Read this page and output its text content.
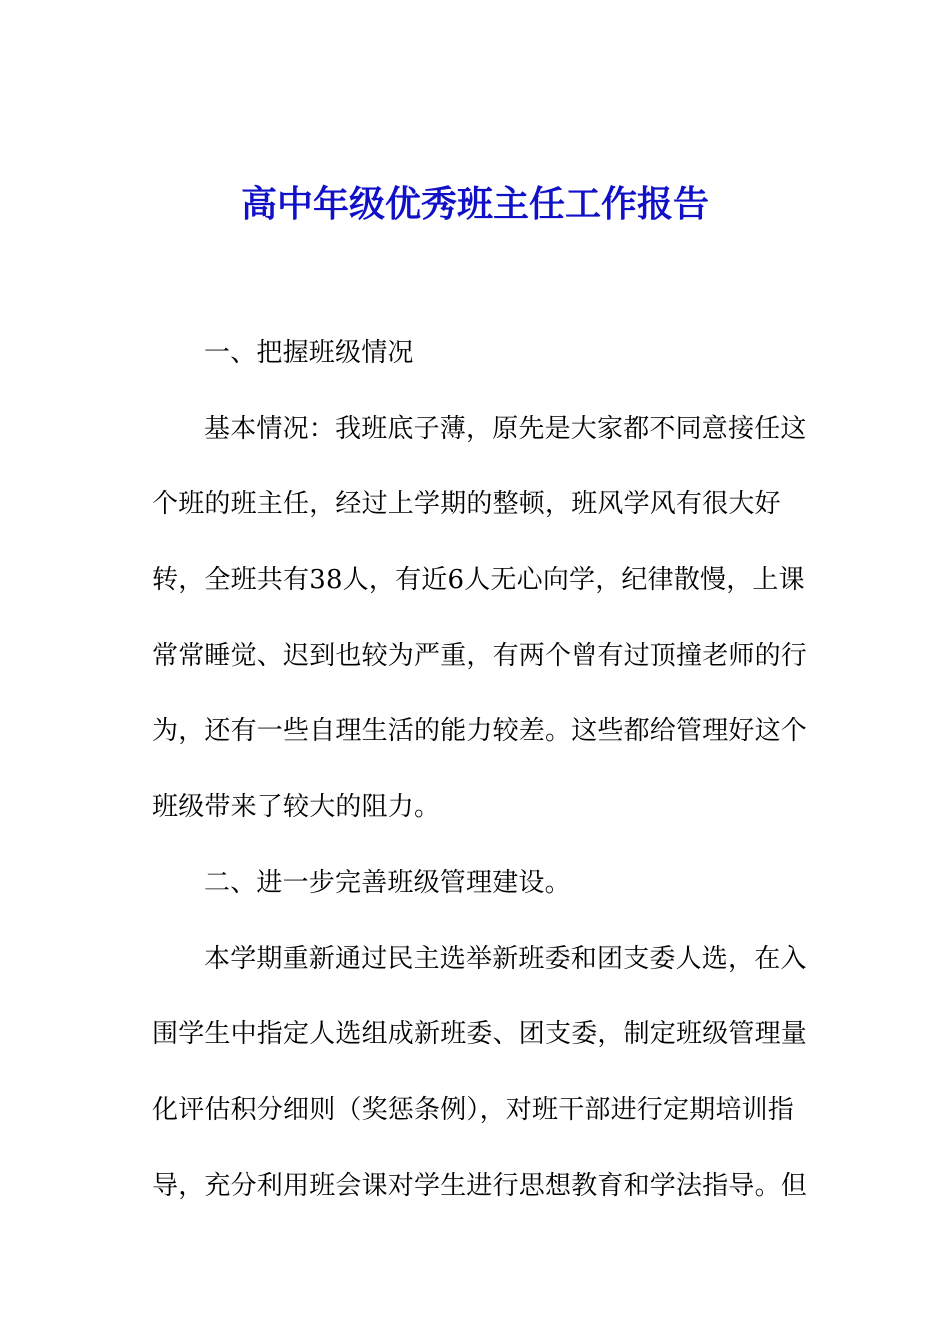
高中年级优秀班主任工作报告
一、把握班级情况
基本情况：我班底子薄，原先是大家都不同意接任这
个班的班主任，经过上学期的整顿，班风学风有很大好
转，全班共有38人，有近6人无心向学，纪律散慢，上课
常常睡觉、迟到也较为严重，有两个曾有过顶撞老师的行
为，还有一些自理生活的能力较差。这些都给管理好这个
班级带来了较大的阻力。
二、进一步完善班级管理建设。
本学期重新通过民主选举新班委和团支委人选，在入
围学生中指定人选组成新班委、团支委，制定班级管理量
化评估积分细则（奖惩条例），对班干部进行定期培训指
导，充分利用班会课对学生进行思想教育和学法指导。但
